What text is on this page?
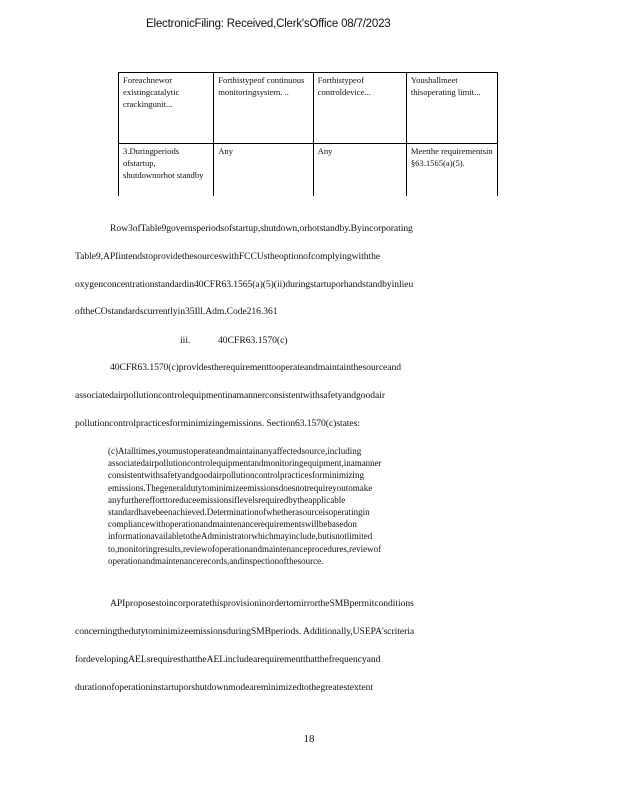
ElectronicFiling: Received,Clerk'sOffice 08/7/2023
Foreachnewor existingcatalytic crackingunit...	Forthistypeof continuous monitoringsystem. ..	Forthistypeof controldevice...	Youshallmeet thisoperating limit...
3.Duringperiods ofstartup, shutdownorhot standby	Any	Any	Meetthe requirementsin §63.1565(a)(5).
Row3ofTable9governsperiodsofstartup,shutdown,orhotstandby.Byincorporating
Table9,APIintendstoprovidethesourceswithFCCUstheoptionofcomplyingwiththe
oxygenconcentrationstandardin40CFR63.1565(a)(5)(ii)duringstartuporhandstandbyinlieu
oftheCOstandardscurrentlyin35Ill.Adm.Code216.361
iii.	40CFR63.1570(c)
40CFR63.1570(c)providestherequirementtooperateandmaintainthesourceand
associatedairpollutioncontrolequipmentinamannerconsistentwithsafetyandgoodair
pollutioncontrolpracticesforminimizingemissions. Section63.1570(c)states:
(c)Atalltimes,youmustoperateandmaintainanyaffectedsource,including
associatedairpollutioncontrolequipmentandmonitoringequipment,inamanner
consistentwithsafetyandgoodairpollutioncontrolpracticesforminimizing
emissions.Thegeneraldutytominimizeemissionsdoesnotrequireyoutomake
anyfurtherefforttoreduceemissionsiflevelsrequiredbytheapplicable
standardhavebeenachieved.Determinationofwhetherasourceisoperatingin
compliancewithoperationandmaintenancerequirementswillbebasedon
informationavailabletotheAdministratorwhichmayinclude,butisnotlimited
to,monitoringresults,reviewofoperationandmaintenanceprocedures,reviewof
operationandmaintenancerecords,andinspectionofthesource.
APIproposestoincorporatethisprovisioninordertomirrortheSMBpermitconditions
concerningthedutytominimizeemissionsduringSMBperiods. Additionally,USEPA'scriteria
fordevelopingAELsrequiresthattheAELincludearequirementthatthefrequencyand
durationofoperationinstartuporshutdownmodeareminimizedtothegreatestextent
18
